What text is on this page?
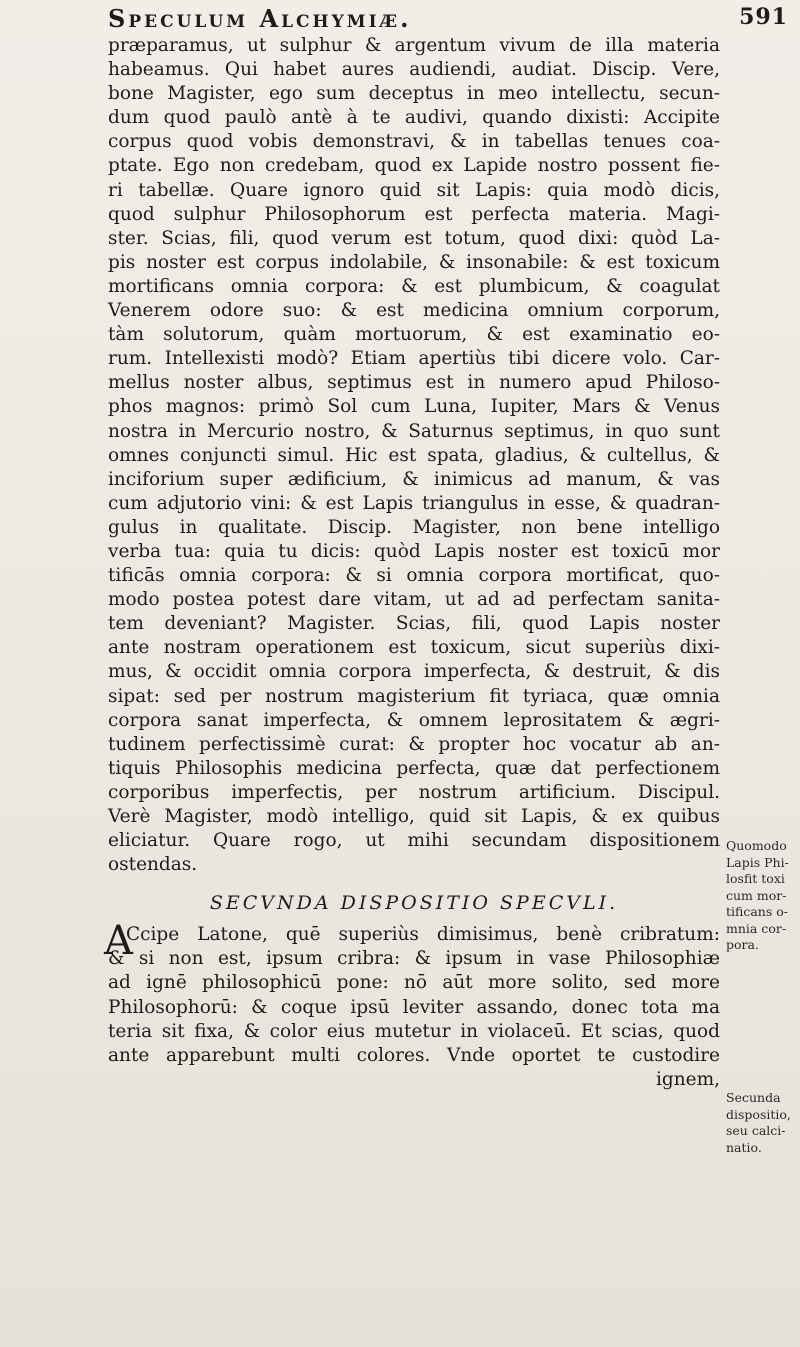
Speculum Alchymiæ.	591
præparamus, ut sulphur & argentum vivum de illa materia
habeamus. Qui habet aures audiendi, audiat. Discip. Vere,
bone Magister, ego sum deceptus in meo intellectu, secun-
dum quod paulò antè à te audivi, quando dixisti: Accipite
corpus quod vobis demonstravi, & in tabellas tenues coa-
ptate. Ego non credebam, quod ex Lapide nostro possent fie-
ri tabellæ. Quare ignoro quid sit Lapis: quia modò dicis,
quod sulphur Philosophorum est perfecta materia. Magi-
ster. Scias, fili, quod verum est totum, quod dixi: quòd La-
pis noster est corpus indolabile, & insonabile: & est toxicum
mortificans omnia corpora: & est plumbicum, & coagulat
Venerem odore suo: & est medicina omnium corporum,
tàm solutorum, quàm mortuorum, & est examinatio eo-
rum. Intellexisti modò? Etiam apertiùs tibi dicere volo. Car-
mellus noster albus, septimus est in numero apud Philoso-
phos magnos: primò Sol cum Luna, Iupiter, Mars & Venus
nostra in Mercurio nostro, & Saturnus septimus, in quo sunt
omnes conjuncti simul. Hic est spata, gladius, & cultellus, &
inciforium super ædificium, & inimicus ad manum, & vas
cum adjutorio vini: & est Lapis triangulus in esse, & quadran-
gulus in qualitate. Discip. Magister, non bene intelligo
verba tua: quia tu dicis: quòd Lapis noster est toxicū mor
tificās omnia corpora: & si omnia corpora mortificat, quo-
modo postea potest dare vitam, ut ad ad perfectam sanita-
tem deveniant? Magister. Scias, fili, quod Lapis noster
ante nostram operationem est toxicum, sicut superiùs dixi-
mus, & occidit omnia corpora imperfecta, & destruit, & dis
sipat: sed per nostrum magisterium fit tyriaca, quæ omnia
corpora sanat imperfecta, & omnem leprositatem & ægri-
tudinem perfectissimè curat: & propter hoc vocatur ab an-
tiquis Philosophis medicina perfecta, quæ dat perfectionem
corporibus imperfectis, per nostrum artificium. Discipul.
Verè Magister, modò intelligo, quid sit Lapis, & ex quibus
eliciatur. Quare rogo, ut mihi secundam dispositionem
ostendas.
SECVNDA DISPOSITIO SPECVLI.
A
Ccipe Latone, quē superiùs dimisimus, benè cribratum:
& si non est, ipsum cribra: & ipsum in vase Philosophiæ
ad ignē philosophicū pone: nō aūt more solito, sed more
Philosophorū: & coque ipsū leviter assando, donec tota ma
teria sit fixa, & color eius mutetur in violaceū. Et scias, quod
ante apparebunt multi colores. Vnde oportet te custodire
ignem,
Quomodo
Lapis Phi-
losfit toxi
cum mor-
tificans o-
mnia cor-
pora.
Secunda
dispositio,
seu calci-
natio.
